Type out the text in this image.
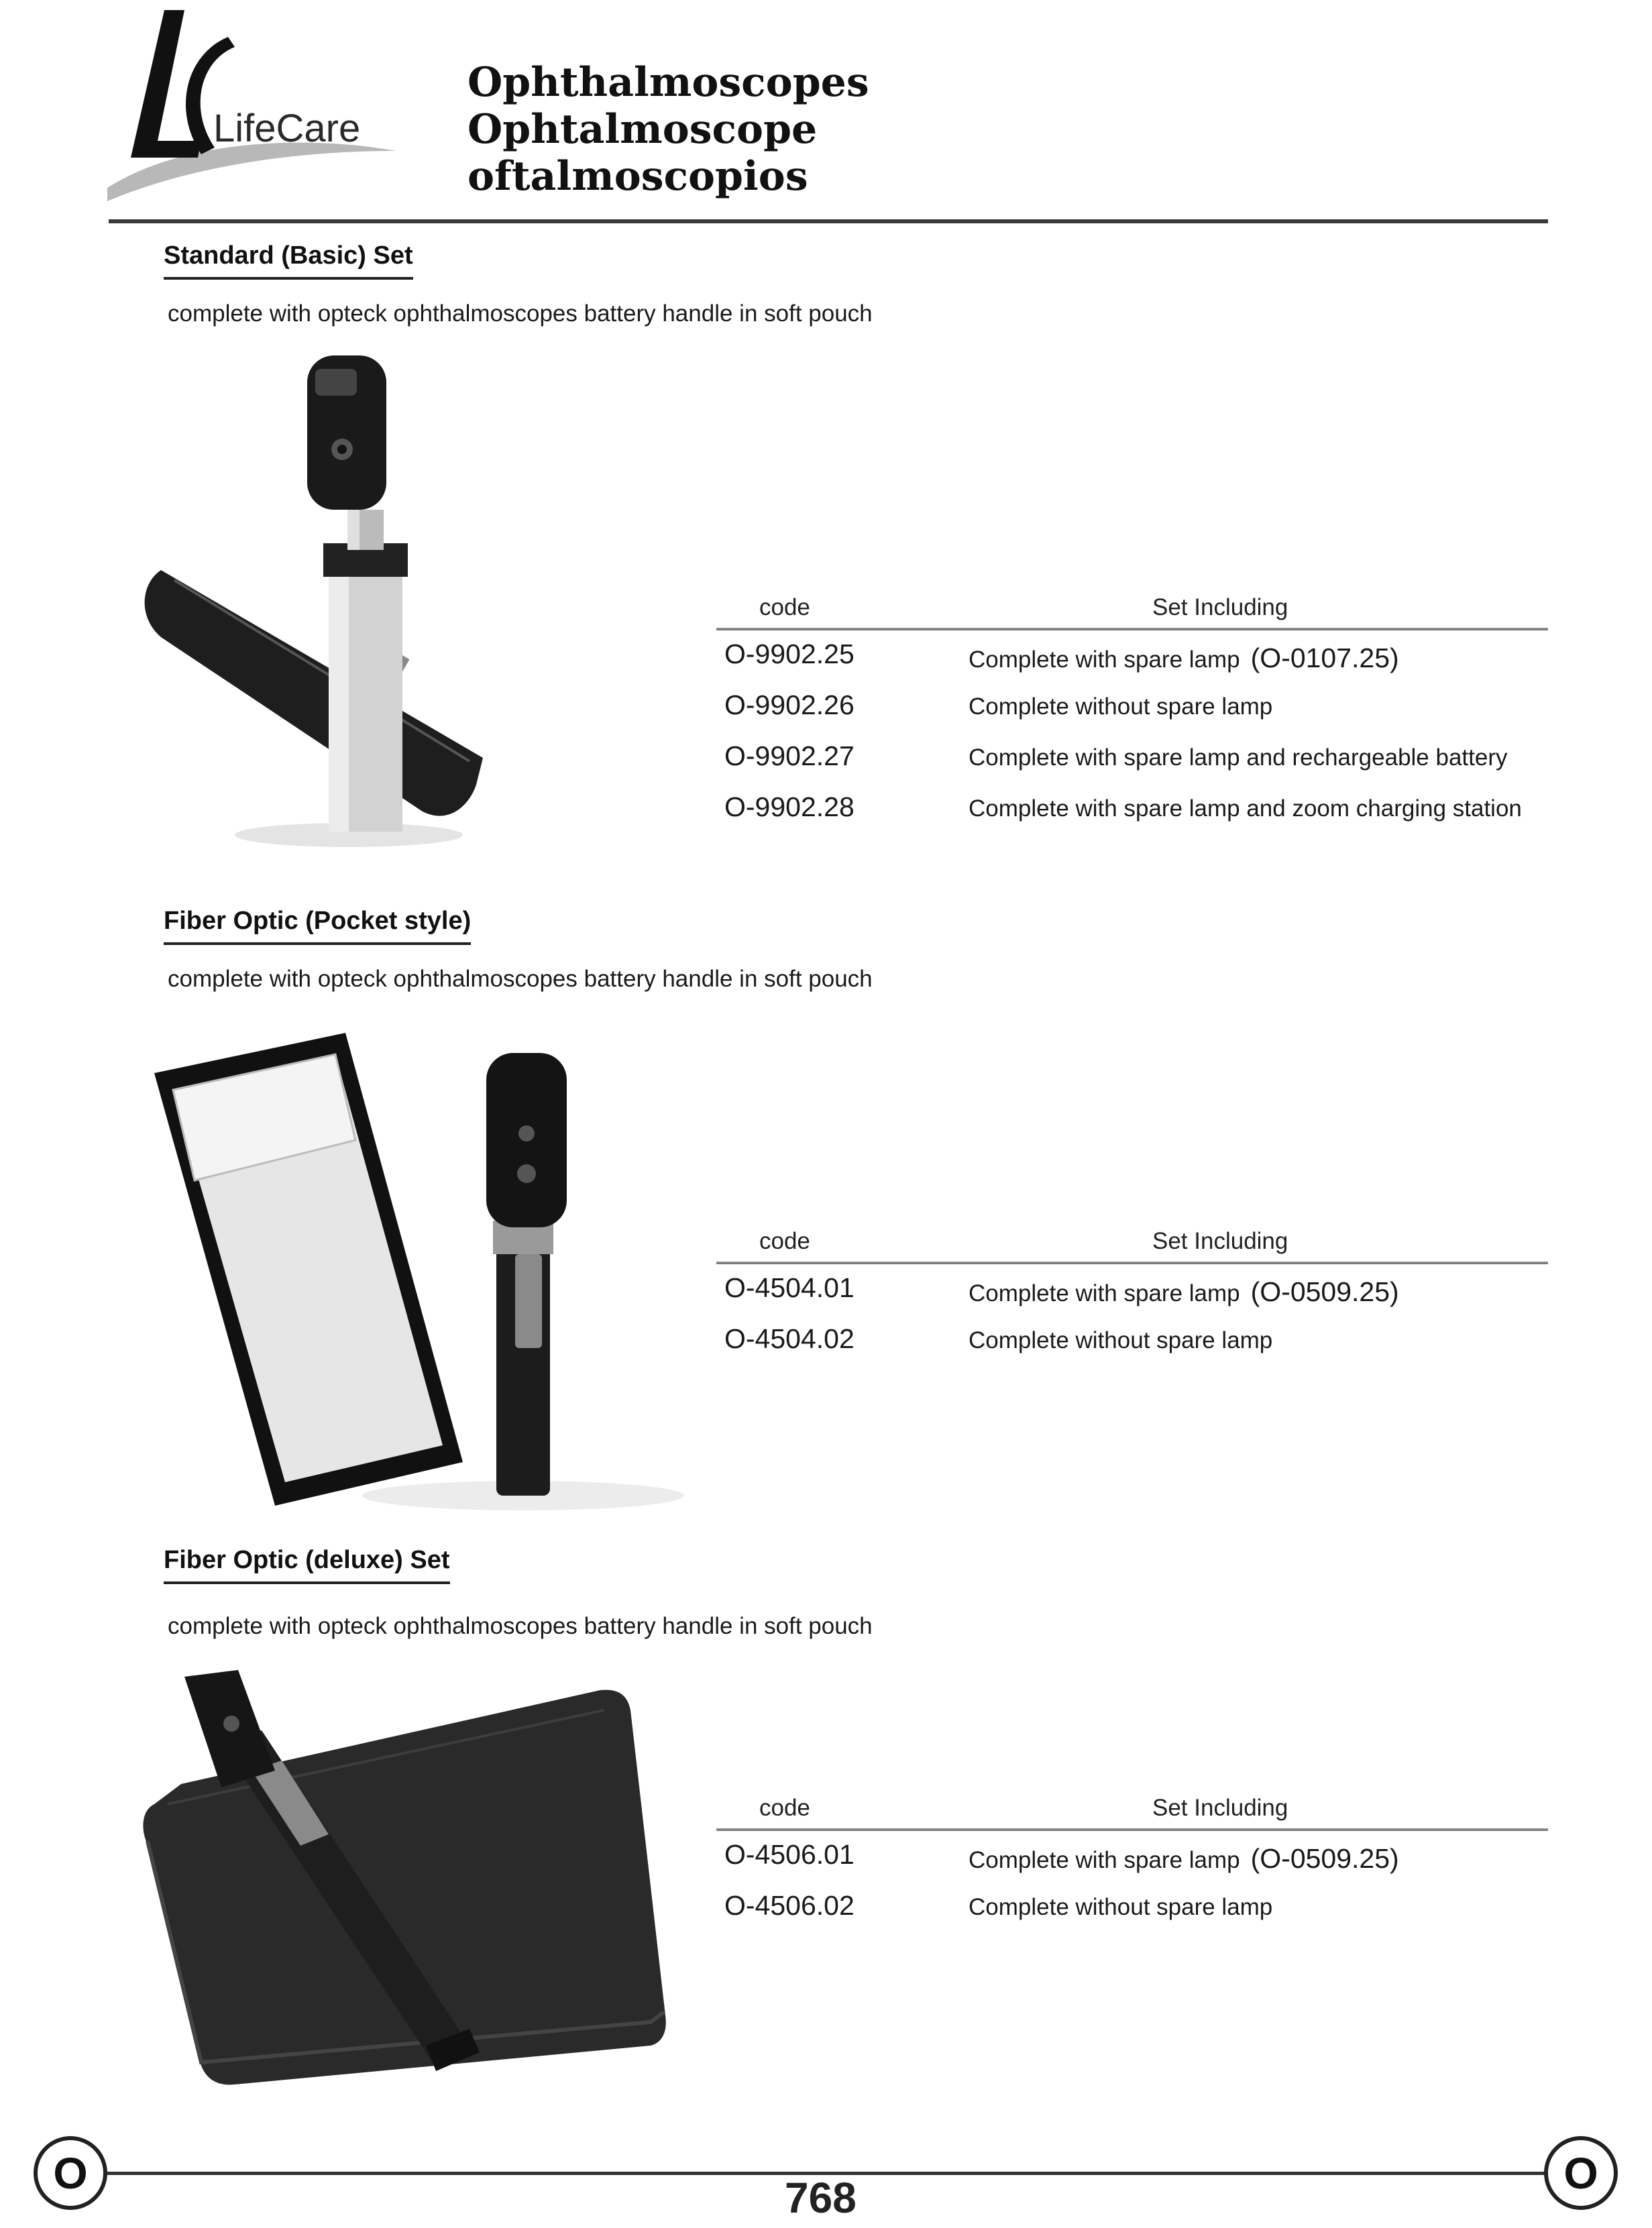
LifeCare
Ophthalmoscopes
Ophtalmoscope
oftalmoscopios
Standard (Basic) Set
complete with opteck ophthalmoscopes battery handle in soft pouch
code	Set Including
O-9902.25	Complete with spare lamp (O-0107.25)
O-9902.26	Complete without spare lamp
O-9902.27	Complete with spare lamp and rechargeable battery
O-9902.28	Complete with spare lamp and zoom charging station
Fiber Optic (Pocket style)
complete with opteck ophthalmoscopes battery handle in soft pouch
code	Set Including
O-4504.01	Complete with spare lamp (O-0509.25)
O-4504.02	Complete without spare lamp
Fiber Optic (deluxe) Set
complete with opteck ophthalmoscopes battery handle in soft pouch
code	Set Including
O-4506.01	Complete with spare lamp (O-0509.25)
O-4506.02	Complete without spare lamp
O	O
768
